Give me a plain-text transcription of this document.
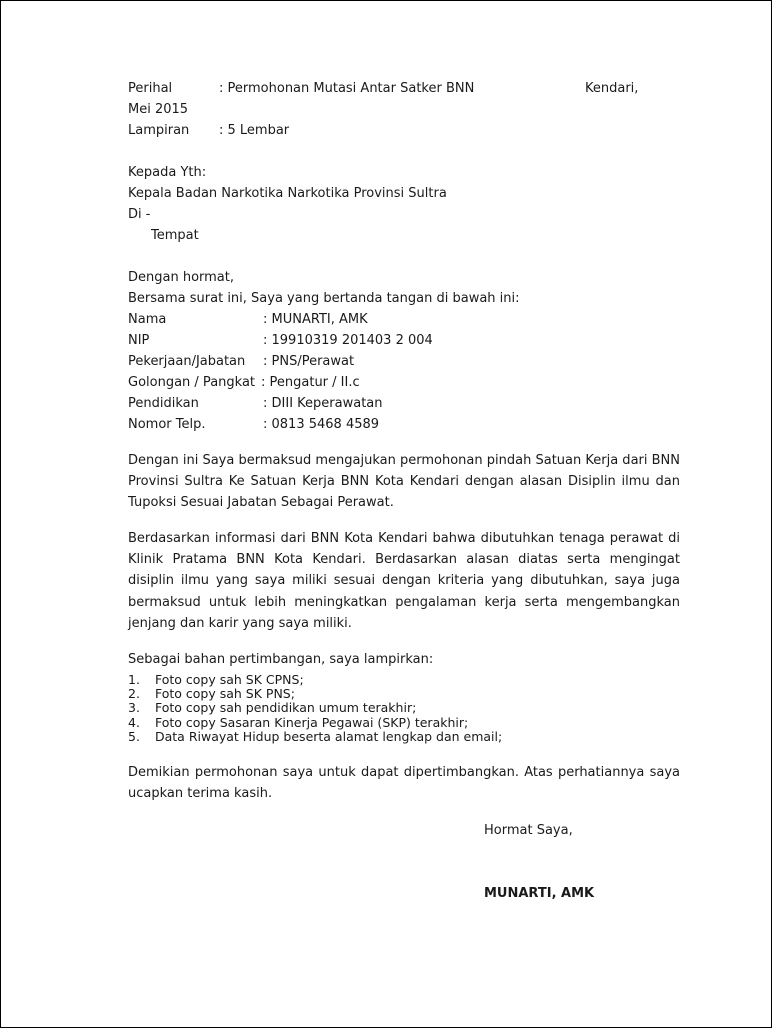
Perihal	: Permohonan Mutasi Antar Satker BNN	Kendari,
Mei 2015
Lampiran : 5 Lembar
Kepada Yth:
Kepala Badan Narkotika Narkotika Provinsi Sultra
Di -
Tempat
Dengan hormat,
Bersama surat ini, Saya yang bertanda tangan di bawah ini:
Nama	: MUNARTI, AMK
NIP	: 19910319 201403 2 004
Pekerjaan/Jabatan : PNS/Perawat
Golongan / Pangkat : Pengatur / II.c
Pendidikan	: DIII Keperawatan
Nomor Telp.	: 0813 5468 4589

Dengan ini Saya bermaksud mengajukan permohonan pindah Satuan Kerja dari BNN Provinsi Sultra Ke Satuan Kerja BNN Kota Kendari dengan alasan Disiplin ilmu dan Tupoksi Sesuai Jabatan Sebagai Perawat.

Berdasarkan informasi dari BNN Kota Kendari bahwa dibutuhkan tenaga perawat di Klinik Pratama BNN Kota Kendari. Berdasarkan alasan diatas serta mengingat disiplin ilmu yang saya miliki sesuai dengan kriteria yang dibutuhkan, saya juga bermaksud untuk lebih meningkatkan pengalaman kerja serta mengembangkan jenjang dan karir yang saya miliki.

Sebagai bahan pertimbangan, saya lampirkan:
1. Foto copy sah SK CPNS;
2. Foto copy sah SK PNS;
3. Foto copy sah pendidikan umum terakhir;
4. Foto copy Sasaran Kinerja Pegawai (SKP) terakhir;
5. Data Riwayat Hidup beserta alamat lengkap dan email;

Demikian permohonan saya untuk dapat dipertimbangkan. Atas perhatiannya saya ucapkan terima kasih.

Hormat Saya,
MUNARTI, AMK
